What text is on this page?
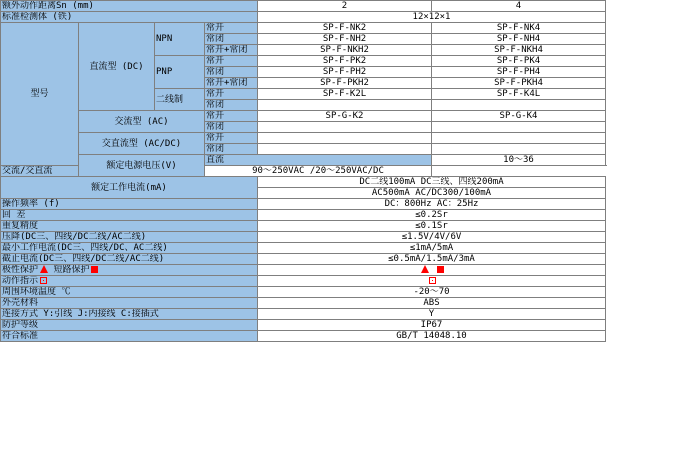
额外动作距离Sn (mm)				2	4
标准检测体 (铁)				12×12×1	
型号	直流型 (DC)	NPN	常开	SP-F-NK2	SP-F-NK4
			常闭	SP-F-NH2	SP-F-NH4
			常开+常闭	SP-F-NKH2	SP-F-NKH4
		PNP	常开	SP-F-PK2	SP-F-PK4
			常闭	SP-F-PH2	SP-F-PH4
			常开+常闭	SP-F-PKH2	SP-F-PKH4
		二线制	常开	SP-F-K2L	SP-F-K4L
			常闭		
	交流型 (AC)		常开	SP-G-K2	SP-G-K4
			常闭		
	交直流型 (AC/DC)		常开		
			常闭		
	额定电源电压(V)		直流		10～36
交流/交直流			90～250VAC /20～250VAC/DC		
额定工作电流(mA)				DC二线100mA DC三线、四线200mA	
				AC500mA AC/DC300/100mA	
操作频率 (f)				DC：800Hz AC：25Hz	
回 差				≤0.2Sr	
重复精度				≤0.1Sr	
压降(DC三、四线/DC二线/AC二线)				≤1.5V/4V/6V	
最小工作电流(DC三、四线/DC、AC二线)				≤1mA/5mA	
截止电流(DC三、四线/DC二线/AC二线)				≤0.5mA/1.5mA/3mA	
极性保护 短路保护					
动作指示					
周围环境温度 ℃				-20～70	
外壳材料				ABS	
连接方式 Y:引线 J:内接线 C:接插式				Y	
防护等级				IP67	
符合标准				GB/T 14048.10	
